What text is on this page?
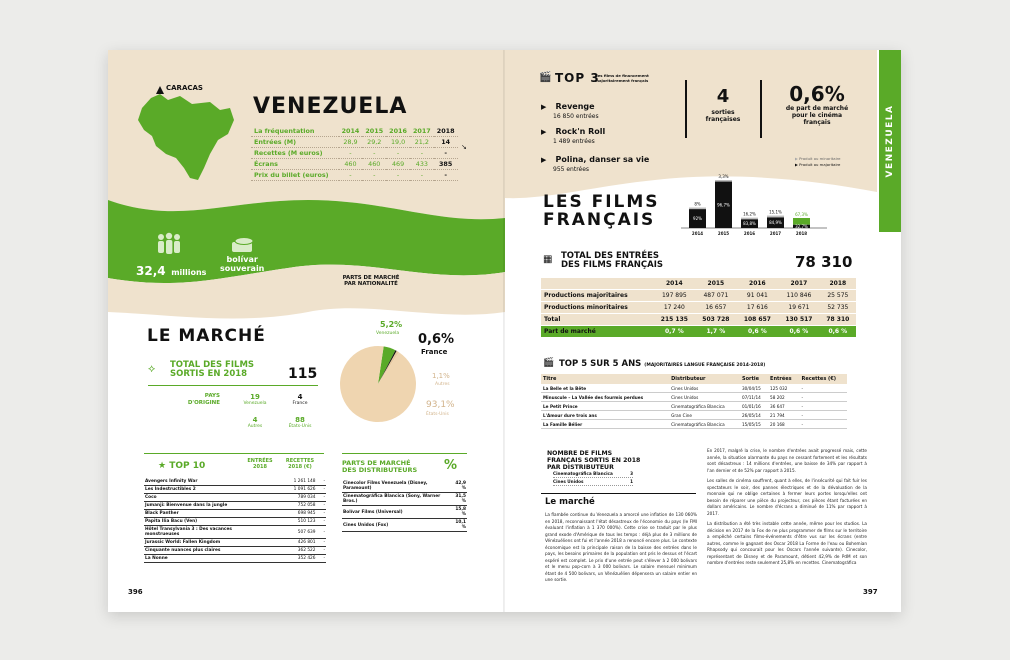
CARACAS
VENEZUELA
La fréquentation	2014	2015	2016	2017	2018
Entrées (M)	28,9	29,2	19,0	21,2	14
Recettes (M euros)	-	-	-	-	-
Écrans	460	460	469	433	385
Prix du billet (euros)	-	-	-	-	-
↘
32,4 millions
bolívar
souverain
PARTS DE MARCHÉ
PAR NATIONALITÉ
LE MARCHÉ
5,2%
Venezuela 0,6%
France
1,1%
Autres
93,1%
États-Unis
⟡ TOTAL DES FILMS
SORTIS EN 2018	115
PAYS
D'ORIGINE
19
Venezuela
4
France
4
Autres
88
États-Unis
★ TOP 10	ENTRÉES 2018
RECETTES 2018 (€)
Avengers Infinity War	1 261 148	-
Les Indestructibles 2	1 091 626	-
Coco	789 034	-
Jumanji: Bienvenue dans la jungle	752 058	-
Black Panther	698 945	-
Papita Ilia Bacu (Ven)	510 123	-
Hôtel Transylvania 3 : Des vacances monstrueuses	507 639	-
Jurassic World: Fallen Kingdom	426 801	-
Cinquante nuances plus claires	362 522	-
La Nonne	352 426	-
PARTS DE MARCHÉ
DES DISTRIBUTEURS %
Cinecolor Films Venezuela (Disney, Paramount)	42,9 %
Cinematográfica Blancica (Sony, Warner Bros.)	31,5 %
Bolívar Films (Universal)	15,8 %
Cines Unidos (Fox)	10,1 %
396
VENEZUELA
🎬 TOP 3
des films de financement majoritairement français
▶ Revenge
16 850 entrées
▶ Rock'n Roll
1 489 entrées
▶ Polina, danser sa vie
955 entrées
4
sorties françaises
0,6%
de part de marché
pour le cinéma
français
▶ Produit ou minoritaire
▶ Produit ou majoritaire
LES FILMS
FRANÇAIS
8%
92%
2014
3,3%
96,7%
2015
16,2%
83,8%
2016
15,1%
84,9%
2017
67,3%
32,7%
2018
▦ TOTAL DES ENTRÉES
DES FILMS FRANÇAIS	78 310
	2014	2015	2016	2017	2018
Productions majoritaires	197 895	487 071	91 041	110 846	25 575
Productions minoritaires	17 240	16 657	17 616	19 671	52 735
Total	215 135	503 728	108 657	130 517	78 310
Part de marché	0,7 %	1,7 %	0,6 %	0,6 %	0,6 %
🎬 TOP 5 SUR 5 ANS (MAJORITAIRES LANGUE FRANÇAISE 2014-2018)
Titre	Distributeur	Sortie	Entrées	Recettes (€)
La Belle et la Bête	Cines Unidos	30/04/15	125 032	-
Minuscule – La Vallée des fourmis perdues	Cines Unidos	07/11/14	58 202	-
Le Petit Prince	Cinematográfica Blancica	01/01/16	36 647	-
L'Amour dure trois ans	Gran Cine	26/05/14	21 794	-
La Famille Bélier	Cinematográfica Blancica	15/05/15	20 168	-
NOMBRE DE FILMS
FRANÇAIS SORTIS EN 2018
PAR DISTRIBUTEUR
Cinematográfica Blancica	3
Cines Unidos	1
Le marché
La flambée continue du Venezuela a amorcé une inflation de 130 060% en 2018, reconnaissant l'état désastreux de l'économie du pays (le FMI évaluant l'inflation à 1 370 000%). Cette crise se traduit par le plus grand exode d'Amérique de tous les temps : déjà plus de 3 millions de Vénézuéliens ont fui et l'année 2018 a renoncé encore plus. Le contexte économique est la principale raison de la baisse des entrées dans le pays, les besoins primaires de la population ont pris le dessus et l'écart espéré est complet. Le prix d'une entrée peut s'élever à 2 000 bolivars et le menu pop-corn à 3 000 bolivars. Le salaire mensuel minimum étant de 4 500 bolivars, un Vénézuélien dépensera un salaire entier en une sortie.

En 2017, malgré la crise, le nombre d'entrées avait progressé mais, cette année, la situation alarmante du pays ne cessant fortement et les résultats sont désastreux : 14 millions d'entrées, une baisse de 34% par rapport à l'an dernier et de 52% par rapport à 2015.

Les salles de cinéma souffrent, quant à elles, de l'insécurité qui fait fuir les spectateurs le soir, des pannes électriques et de la dévaluation de la monnaie qui ne oblige certaines à fermer leurs portes lorsqu'elles ont besoin de réparer une pièce du projecteur, ces pièces étant facturées en dollars américains. Le nombre d'écrans a diminué de 11% par rapport à 2017.

La distribution a été très instable cette année, même pour les studios. La décision en 2017 de la Fox de ne plus programmer de films sur le territoire a empêché certains films-événements d'être vus sur les écrans (entre autres, comme le gagnant des Oscar 2018 La Forme de l'eau ou Bohemian Rhapsody qui concourait pour les Oscars l'année suivante). Cinecolor, représentant de Disney et de Paramount, détient 42,9% de PdM et son nombre d'entrées reste seulement 25,8% en recettes. Cinematográfica

397
